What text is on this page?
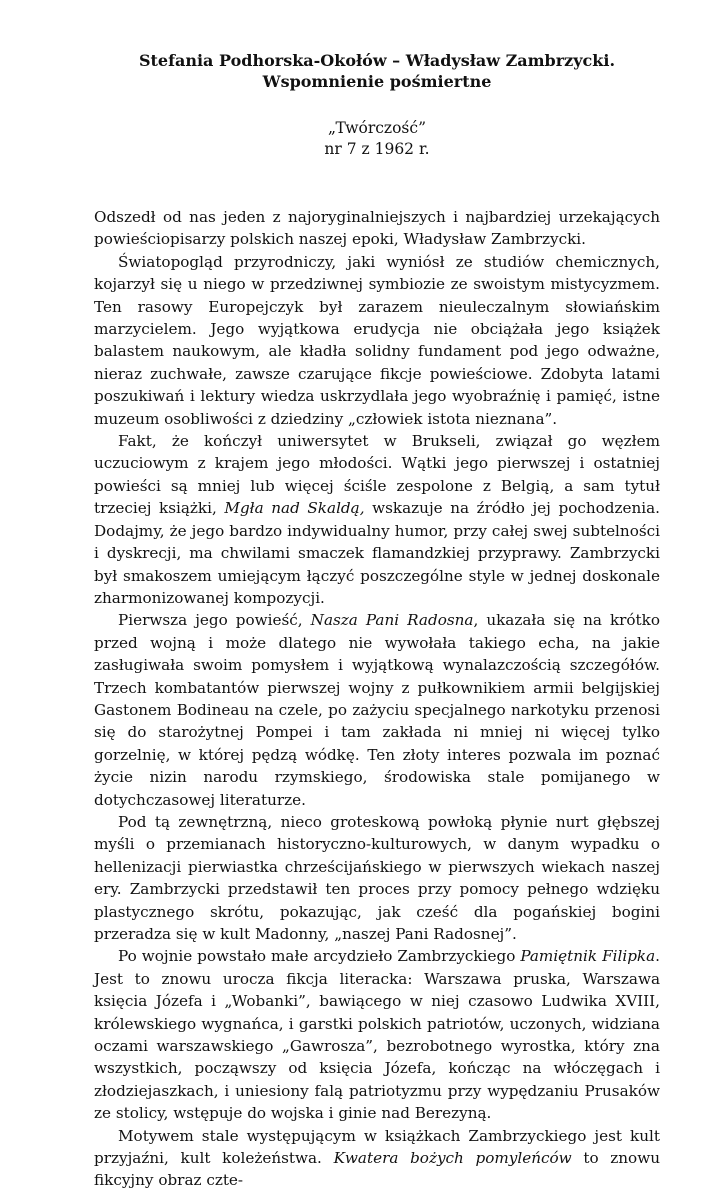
Stefania Podhorska-Okołów – Władysław Zambrzycki.
Wspomnienie pośmiertne
„Twórczość”
nr 7 z 1962 r.

Odszedł od nas jeden z najoryginalniejszych i najbardziej urzekających powieściopisarzy polskich naszej epoki, Władysław Zambrzycki.

Światopogląd przyrodniczy, jaki wyniósł ze studiów chemicznych, kojarzył się u niego w przedziwnej symbiozie ze swoistym mistycyzmem. Ten rasowy Europejczyk był zarazem nieuleczalnym słowiańskim marzycielem. Jego wyjątkowa erudycja nie obciążała jego książek balastem naukowym, ale kładła solidny fundament pod jego odważne, nieraz zuchwałe, zawsze czarujące fikcje powieściowe. Zdobyta latami poszukiwań i lektury wiedza uskrzydlała jego wyobraźnię i pamięć, istne muzeum osobliwości z dziedziny „człowiek istota nieznana”.

Fakt, że kończył uniwersytet w Brukseli, związał go węzłem uczuciowym z krajem jego młodości. Wątki jego pierwszej i ostatniej powieści są mniej lub więcej ściśle zespolone z Belgią, a sam tytuł trzeciej książki, Mgła nad Skaldą, wskazuje na źródło jej pochodzenia. Dodajmy, że jego bardzo indywidualny humor, przy całej swej subtelności i dyskrecji, ma chwilami smaczek flamandzkiej przyprawy. Zambrzycki był smakoszem umiejącym łączyć poszczególne style w jednej doskonale zharmonizowanej kompozycji.

Pierwsza jego powieść, Nasza Pani Radosna, ukazała się na krótko przed wojną i może dlatego nie wywołała takiego echa, na jakie zasługiwała swoim pomysłem i wyjątkową wynalazczością szczegółów. Trzech kombatantów pierwszej wojny z pułkownikiem armii belgijskiej Gastonem Bodineau na czele, po zażyciu specjalnego narkotyku przenosi się do starożytnej Pompei i tam zakłada ni mniej ni więcej tylko gorzelnię, w której pędzą wódkę. Ten złoty interes pozwala im poznać życie nizin narodu rzymskiego, środowiska stale pomijanego w dotychczasowej literaturze.

Pod tą zewnętrzną, nieco groteskową powłoką płynie nurt głębszej myśli o przemianach historyczno-kulturowych, w danym wypadku o hellenizacji pierwiastka chrześcijańskiego w pierwszych wiekach naszej ery. Zambrzycki przedstawił ten proces przy pomocy pełnego wdzięku plastycznego skrótu, pokazując, jak cześć dla pogańskiej bogini przeradza się w kult Madonny, „naszej Pani Radosnej”.

Po wojnie powstało małe arcydzieło Zambrzyckiego Pamiętnik Filipka. Jest to znowu urocza fikcja literacka: Warszawa pruska, Warszawa księcia Józefa i „Wobanki”, bawiącego w niej czasowo Ludwika XVIII, królewskiego wygnańca, i garstki polskich patriotów, uczonych, widziana oczami warszawskiego „Gawrosza”, bezrobotnego wyrostka, który zna wszystkich, począwszy od księcia Józefa, kończąc na włóczęgach i złodziejaszkach, i uniesiony falą patriotyzmu przy wypędzaniu Prusaków ze stolicy, wstępuje do wojska i ginie nad Berezyną.

Motywem stale występującym w książkach Zambrzyckiego jest kult przyjaźni, kult koleżeństwa. Kwatera bożych pomyleńców to znowu fikcyjny obraz czte-
